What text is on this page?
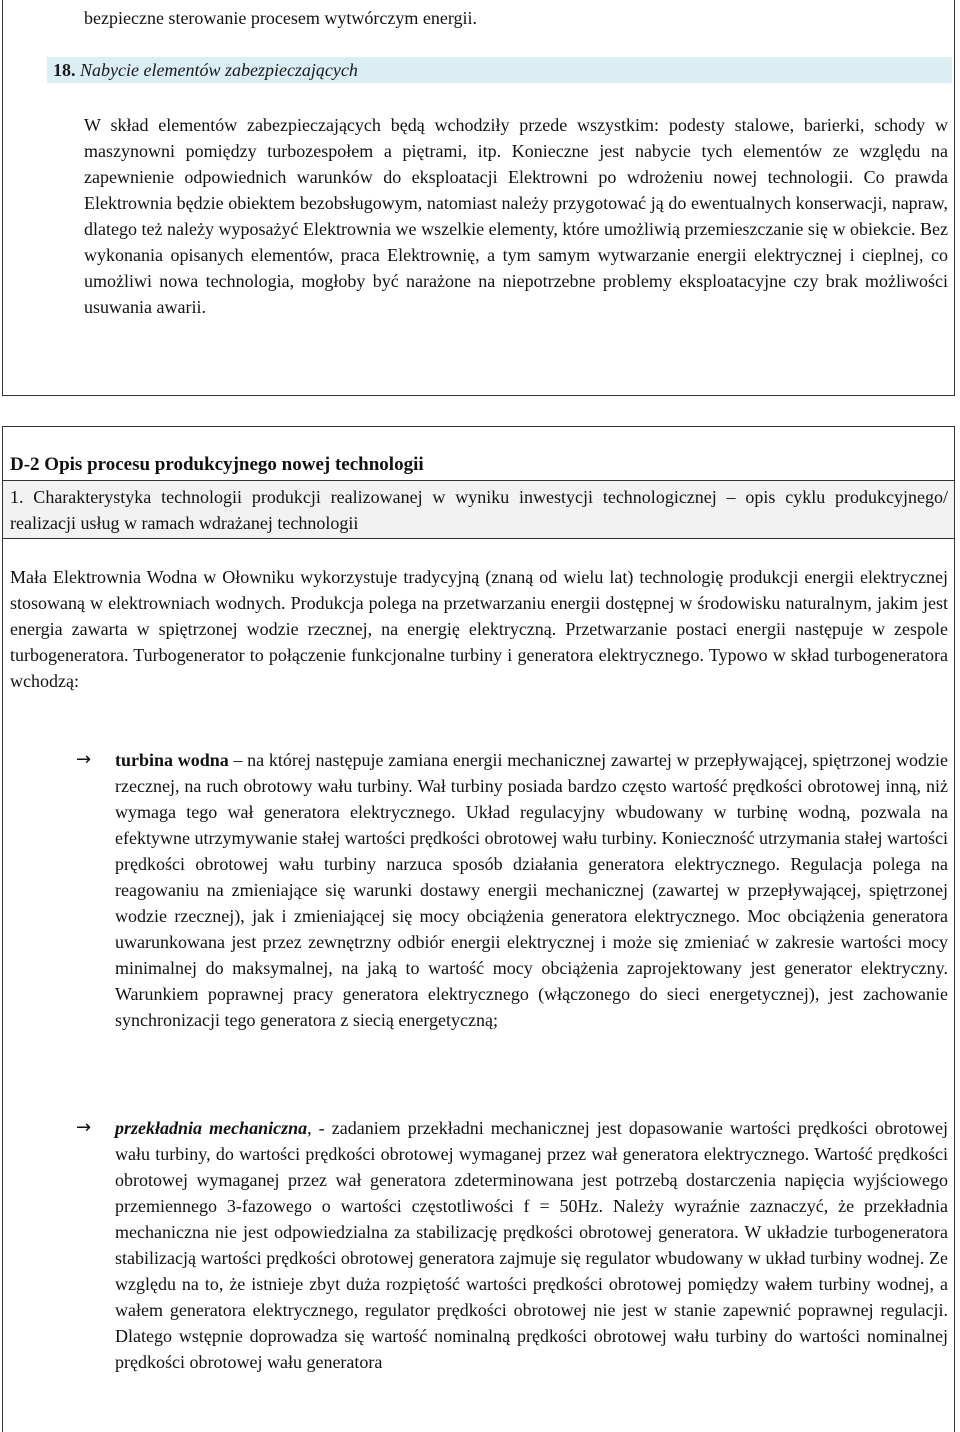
bezpieczne sterowanie procesem wytwórczym energii.
18. Nabycie elementów zabezpieczających
W skład elementów zabezpieczających będą wchodziły przede wszystkim: podesty stalowe, barierki, schody w maszynowni pomiędzy turbozespołem a piętrami, itp. Konieczne jest nabycie tych elementów ze względu na zapewnienie odpowiednich warunków do eksploatacji Elektrowni po wdrożeniu nowej technologii. Co prawda Elektrownia będzie obiektem bezobsługowym, natomiast należy przygotować ją do ewentualnych konserwacji, napraw, dlatego też należy wyposażyć Elektrownia we wszelkie elementy, które umożliwią przemieszczanie się w obiekcie. Bez wykonania opisanych elementów, praca Elektrownię, a tym samym wytwarzanie energii elektrycznej i cieplnej, co umożliwi nowa technologia, mogłoby być narażone na niepotrzebne problemy eksploatacyjne czy brak możliwości usuwania awarii.
D-2 Opis procesu produkcyjnego nowej technologii
1. Charakterystyka technologii produkcji realizowanej w wyniku inwestycji technologicznej – opis cyklu produkcyjnego/ realizacji usług w ramach wdrażanej technologii
Mała Elektrownia Wodna w Ołowniku wykorzystuje tradycyjną (znaną od wielu lat) technologię produkcji energii elektrycznej stosowaną w elektrowniach wodnych. Produkcja polega na przetwarzaniu energii dostępnej w środowisku naturalnym, jakim jest energia zawarta w spiętrzonej wodzie rzecznej, na energię elektryczną. Przetwarzanie postaci energii następuje w zespole turbogeneratora. Turbogenerator to połączenie funkcjonalne turbiny i generatora elektrycznego. Typowo w skład turbogeneratora wchodzą:
→	turbina wodna – na której następuje zamiana energii mechanicznej zawartej w przepływającej, spiętrzonej wodzie rzecznej, na ruch obrotowy wału turbiny. Wał turbiny posiada bardzo często wartość prędkości obrotowej inną, niż wymaga tego wał generatora elektrycznego. Układ regulacyjny wbudowany w turbinę wodną, pozwala na efektywne utrzymywanie stałej wartości prędkości obrotowej wału turbiny. Konieczność utrzymania stałej wartości prędkości obrotowej wału turbiny narzuca sposób działania generatora elektrycznego. Regulacja polega na reagowaniu na zmieniające się warunki dostawy energii mechanicznej (zawartej w przepływającej, spiętrzonej wodzie rzecznej), jak i zmieniającej się mocy obciążenia generatora elektrycznego. Moc obciążenia generatora uwarunkowana jest przez zewnętrzny odbiór energii elektrycznej i może się zmieniać w zakresie wartości mocy minimalnej do maksymalnej, na jaką to wartość mocy obciążenia zaprojektowany jest generator elektryczny. Warunkiem poprawnej pracy generatora elektrycznego (włączonego do sieci energetycznej), jest zachowanie synchronizacji tego generatora z siecią energetyczną;
→	przekładnia mechaniczna, - zadaniem przekładni mechanicznej jest dopasowanie wartości prędkości obrotowej wału turbiny, do wartości prędkości obrotowej wymaganej przez wał generatora elektrycznego. Wartość prędkości obrotowej wymaganej przez wał generatora zdeterminowana jest potrzebą dostarczenia napięcia wyjściowego przemiennego 3-fazowego o wartości częstotliwości f = 50Hz. Należy wyraźnie zaznaczyć, że przekładnia mechaniczna nie jest odpowiedzialna za stabilizację prędkości obrotowej generatora. W układzie turbogeneratora stabilizacją wartości prędkości obrotowej generatora zajmuje się regulator wbudowany w układ turbiny wodnej. Ze względu na to, że istnieje zbyt duża rozpiętość wartości prędkości obrotowej pomiędzy wałem turbiny wodnej, a wałem generatora elektrycznego, regulator prędkości obrotowej nie jest w stanie zapewnić poprawnej regulacji. Dlatego wstępnie doprowadza się wartość nominalną prędkości obrotowej wału turbiny do wartości nominalnej prędkości obrotowej wału generatora
